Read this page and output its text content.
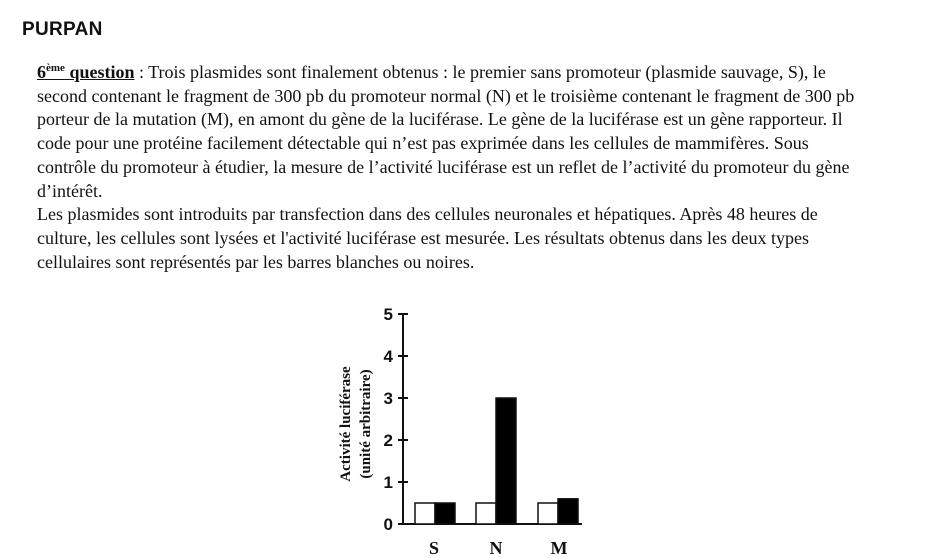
PURPAN

6ème question : Trois plasmides sont finalement obtenus : le premier sans promoteur (plasmide sauvage, S), le second contenant le fragment de 300 pb du promoteur normal (N) et le troisième contenant le fragment de 300 pb porteur de la mutation (M), en amont du gène de la luciférase. Le gène de la luciférase est un gène rapporteur. Il code pour une protéine facilement détectable qui n’est pas exprimée dans les cellules de mammifères. Sous contrôle du promoteur à étudier, la mesure de l’activité luciférase est un reflet de l’activité du promoteur du gène d’intérêt.

Les plasmides sont introduits par transfection dans des cellules neuronales et hépatiques. Après 48 heures de culture, les cellules sont lysées et l'activité luciférase est mesurée. Les résultats obtenus dans les deux types cellulaires sont représentés par les barres blanches ou noires.

Activité luciférase (unité arbitraire)
0
1
2
3
4
5
S	N	M
